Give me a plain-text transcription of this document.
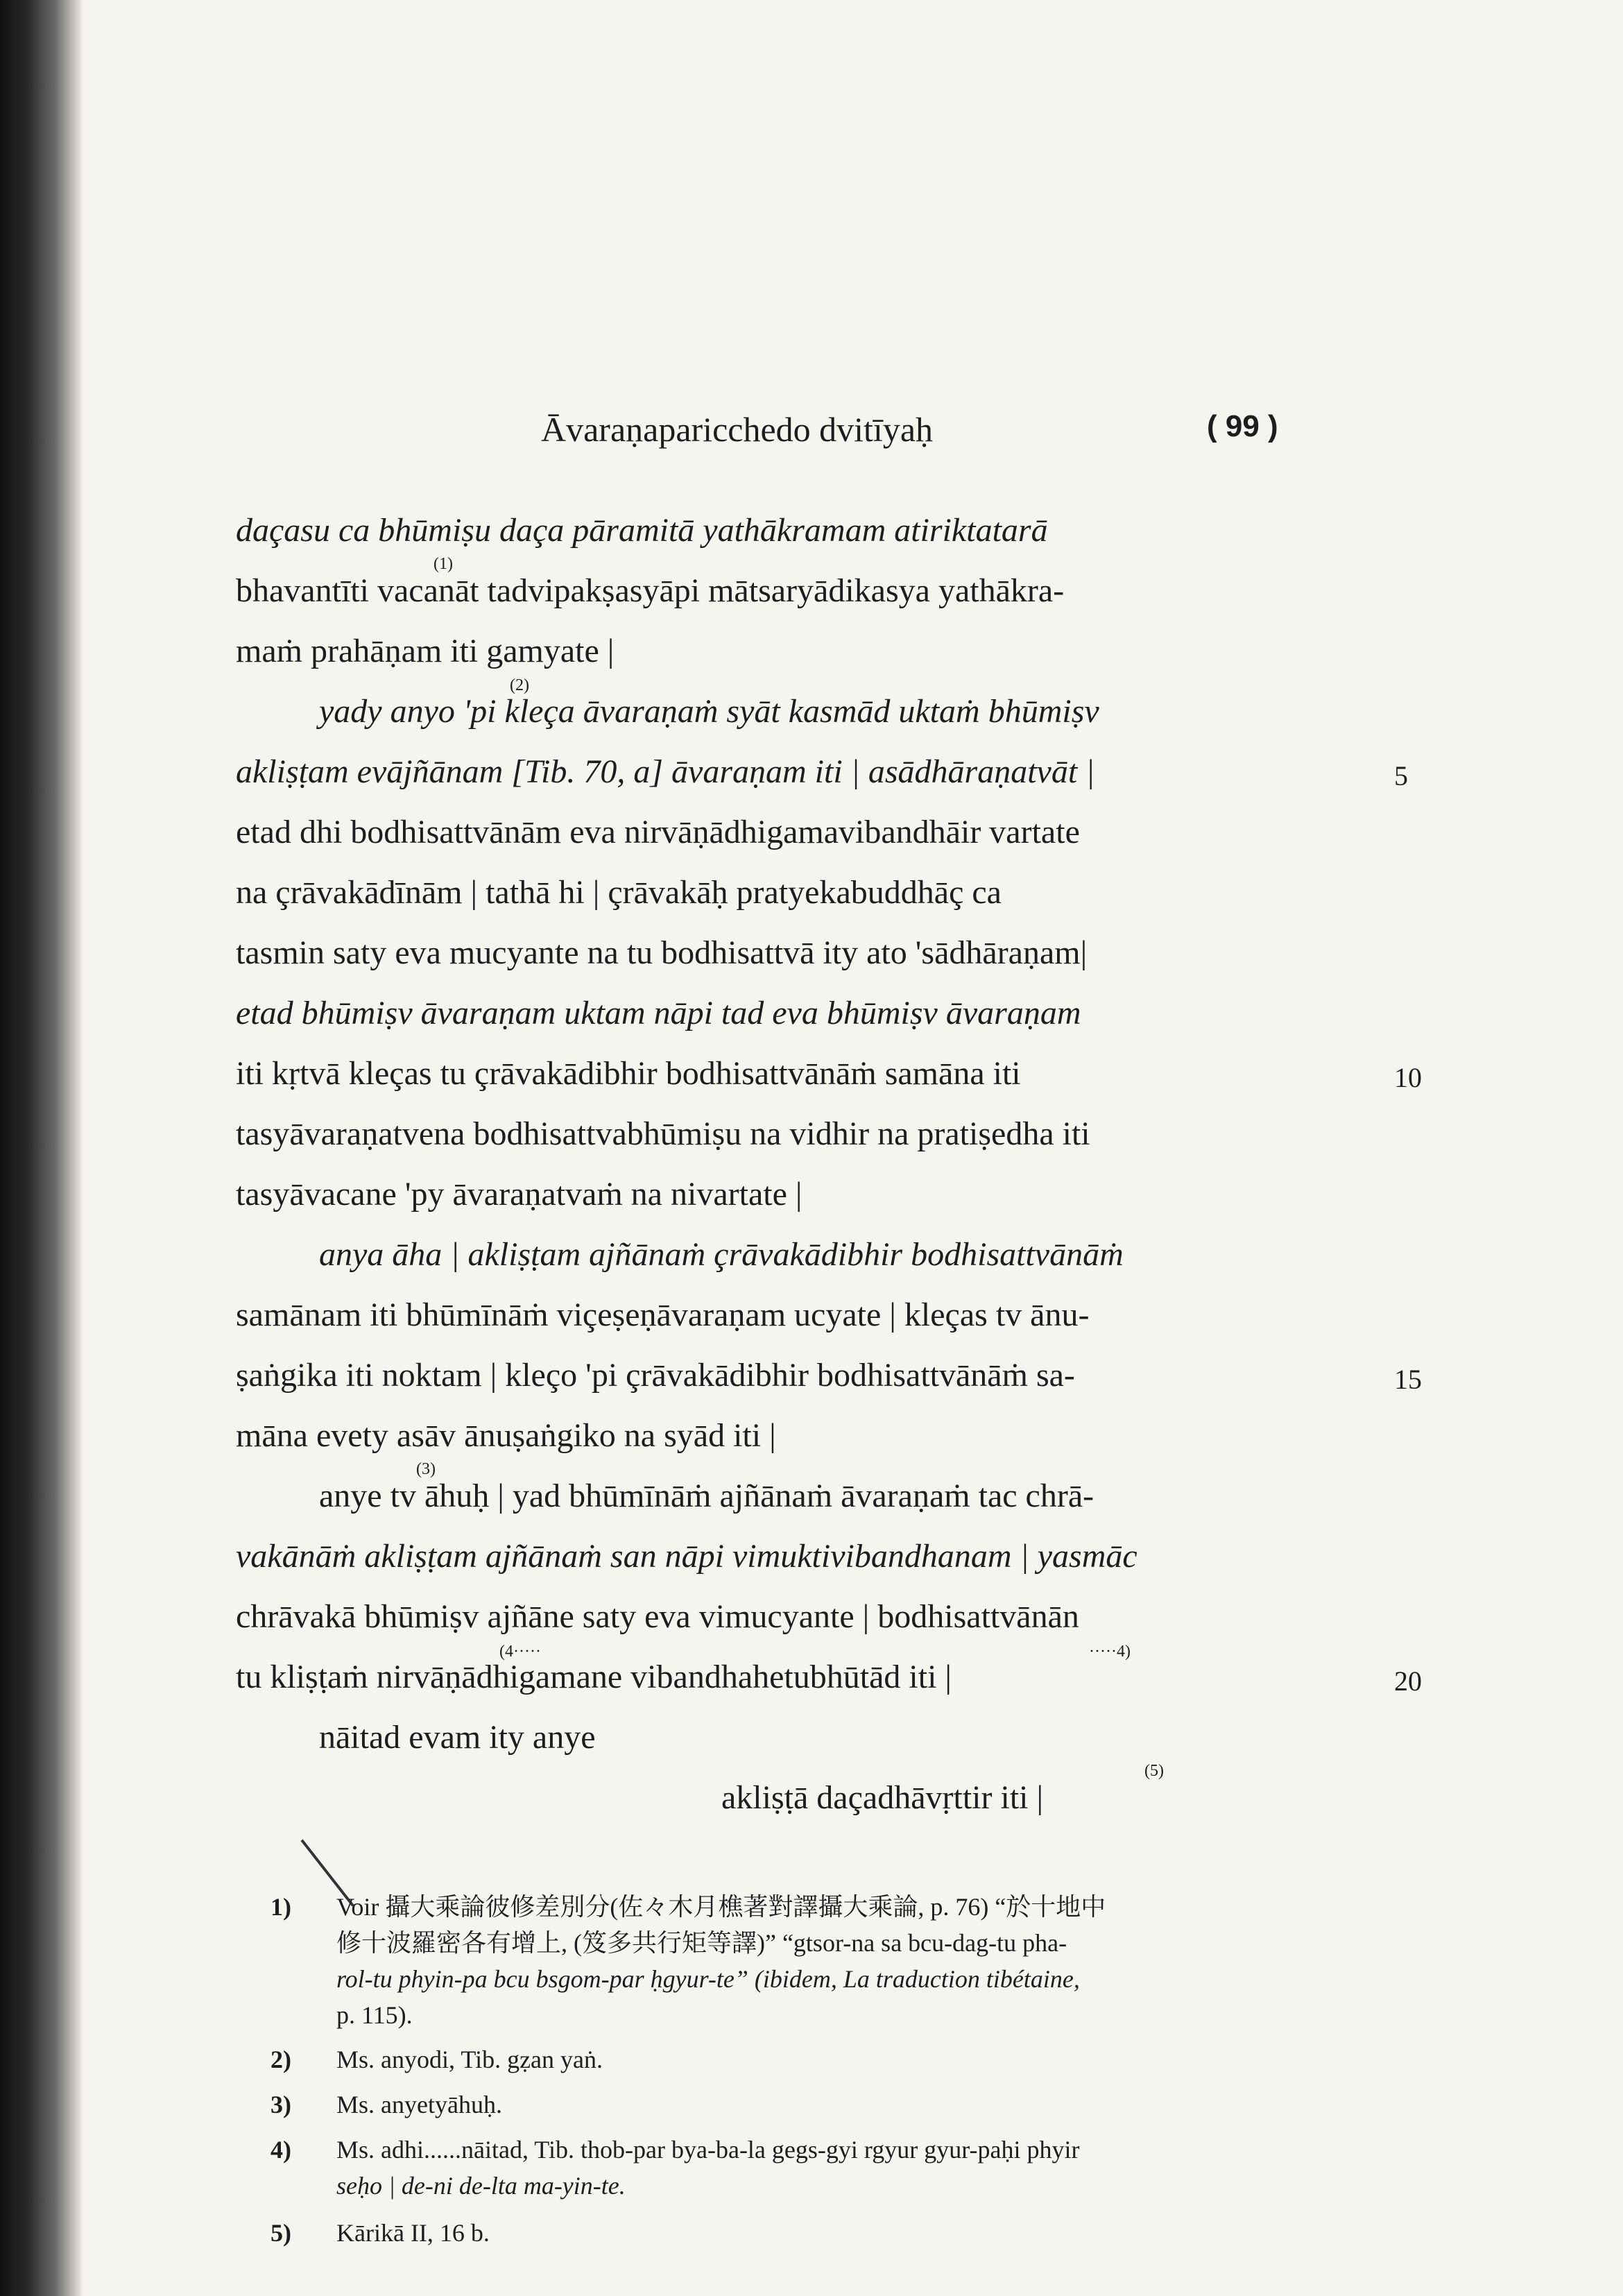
Āvaraṇaparicchedo dvitīyaḥ	( 99 )
daçasu ca bhūmiṣu daça pāramitā yathākramam atiriktatarā
(1)
bhavantīti vacanāt tadvipakṣasyāpi mātsaryādikasya yathākra-
maṁ prahāṇam iti gamyate |
(2)
yady anyo 'pi kleça āvaraṇaṁ syāt kasmād uktaṁ bhūmiṣv
akliṣṭam evājñānam [Tib. 70, a] āvaraṇam iti | asādhāraṇatvāt |	5
etad dhi bodhisattvānām eva nirvāṇādhigamavibandhāir vartate
na çrāvakādīnām | tathā hi | çrāvakāḥ pratyekabuddhāç ca
tasmin saty eva mucyante na tu bodhisattvā ity ato 'sādhāraṇam|
etad bhūmiṣv āvaraṇam uktam nāpi tad eva bhūmiṣv āvaraṇam
iti kṛtvā kleças tu çrāvakādibhir bodhisattvānāṁ samāna iti	10
tasyāvaraṇatvena bodhisattvabhūmiṣu na vidhir na pratiṣedha iti
tasyāvacane 'py āvaraṇatvaṁ na nivartate |
anya āha | akliṣṭam ajñānaṁ çrāvakādibhir bodhisattvānāṁ
samānam iti bhūmīnāṁ viçeṣeṇāvaraṇam ucyate | kleças tv ānu-
ṣaṅgika iti noktam | kleço 'pi çrāvakādibhir bodhisattvānāṁ sa-	15
māna evety asāv ānuṣaṅgiko na syād iti |
(3)
anye tv āhuḥ | yad bhūmīnāṁ ajñānaṁ āvaraṇaṁ tac chrā-
vakānāṁ akliṣṭam ajñānaṁ san nāpi vimuktivibandhanam | yasmāc
chrāvakā bhūmiṣv ajñāne saty eva vimucyante | bodhisattvānān
(4·····	·····4)
tu kliṣṭaṁ nirvāṇādhigamane vibandhahetubhūtād iti |	20
nāitad evam ity anye
(5)
akliṣṭā daçadhāvṛttir iti |
1) Voir 攝大乘論彼修差別分(佐々木月樵著對譯攝大乘論, p. 76) “於十地中
修十波羅密各有增上, (笈多共行矩等譯)” “gtsor-na sa bcu-dag-tu pha-
rol-tu phyin-pa bcu bsgom-par ḥgyur-te” (ibidem, La traduction tibétaine,
p. 115).
2) Ms. anyodi, Tib. gẓan yaṅ.
3) Ms. anyetyāhuḥ.
4) Ms. adhi......nāitad, Tib. thob-par bya-ba-la gegs-gyi rgyur gyur-paḥi phyir
seḥo | de-ni de-lta ma-yin-te.
5) Kārikā II, 16 b.
